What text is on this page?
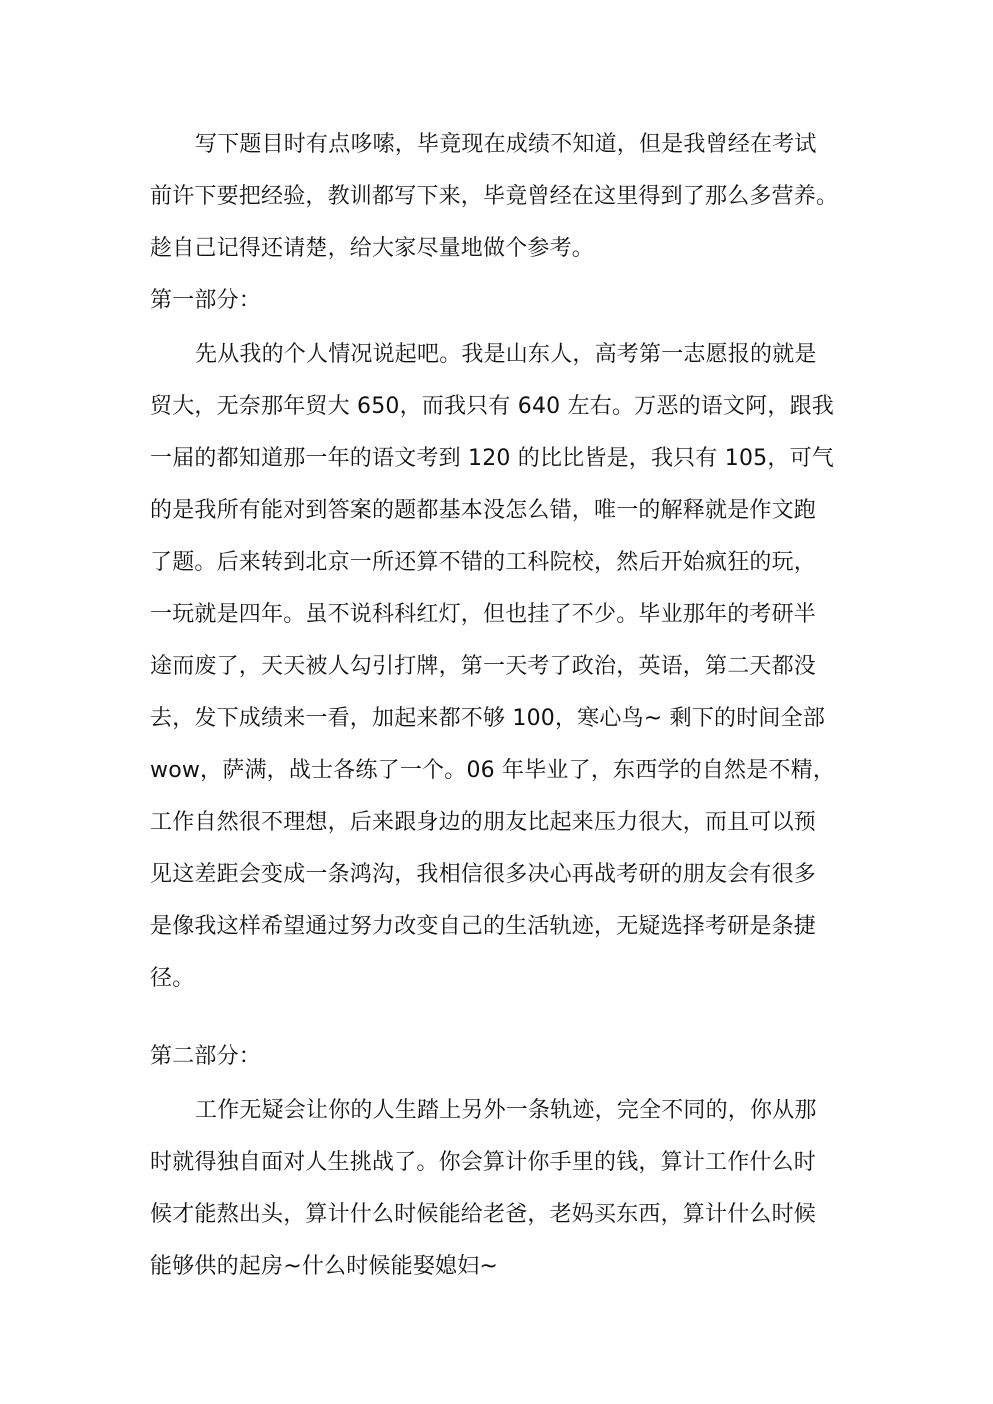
写下题目时有点哆嗦，毕竟现在成绩不知道，但是我曾经在考试
前许下要把经验，教训都写下来，毕竟曾经在这里得到了那么多营养。
趁自己记得还请楚，给大家尽量地做个参考。
第一部分：
先从我的个人情况说起吧。我是山东人，高考第一志愿报的就是
贸大，无奈那年贸大 650，而我只有 640 左右。万恶的语文阿，跟我
一届的都知道那一年的语文考到 120 的比比皆是，我只有 105，可气
的是我所有能对到答案的题都基本没怎么错，唯一的解释就是作文跑
了题。后来转到北京一所还算不错的工科院校，然后开始疯狂的玩，
一玩就是四年。虽不说科科红灯，但也挂了不少。毕业那年的考研半
途而废了，天天被人勾引打牌，第一天考了政治，英语，第二天都没
去，发下成绩来一看，加起来都不够 100，寒心鸟~ 剩下的时间全部
wow，萨满，战士各练了一个。06 年毕业了，东西学的自然是不精，
工作自然很不理想，后来跟身边的朋友比起来压力很大，而且可以预
见这差距会变成一条鸿沟，我相信很多决心再战考研的朋友会有很多
是像我这样希望通过努力改变自己的生活轨迹，无疑选择考研是条捷
径。
第二部分：
工作无疑会让你的人生踏上另外一条轨迹，完全不同的，你从那
时就得独自面对人生挑战了。你会算计你手里的钱，算计工作什么时
候才能熬出头，算计什么时候能给老爸，老妈买东西，算计什么时候
能够供的起房~什么时候能娶媳妇~
